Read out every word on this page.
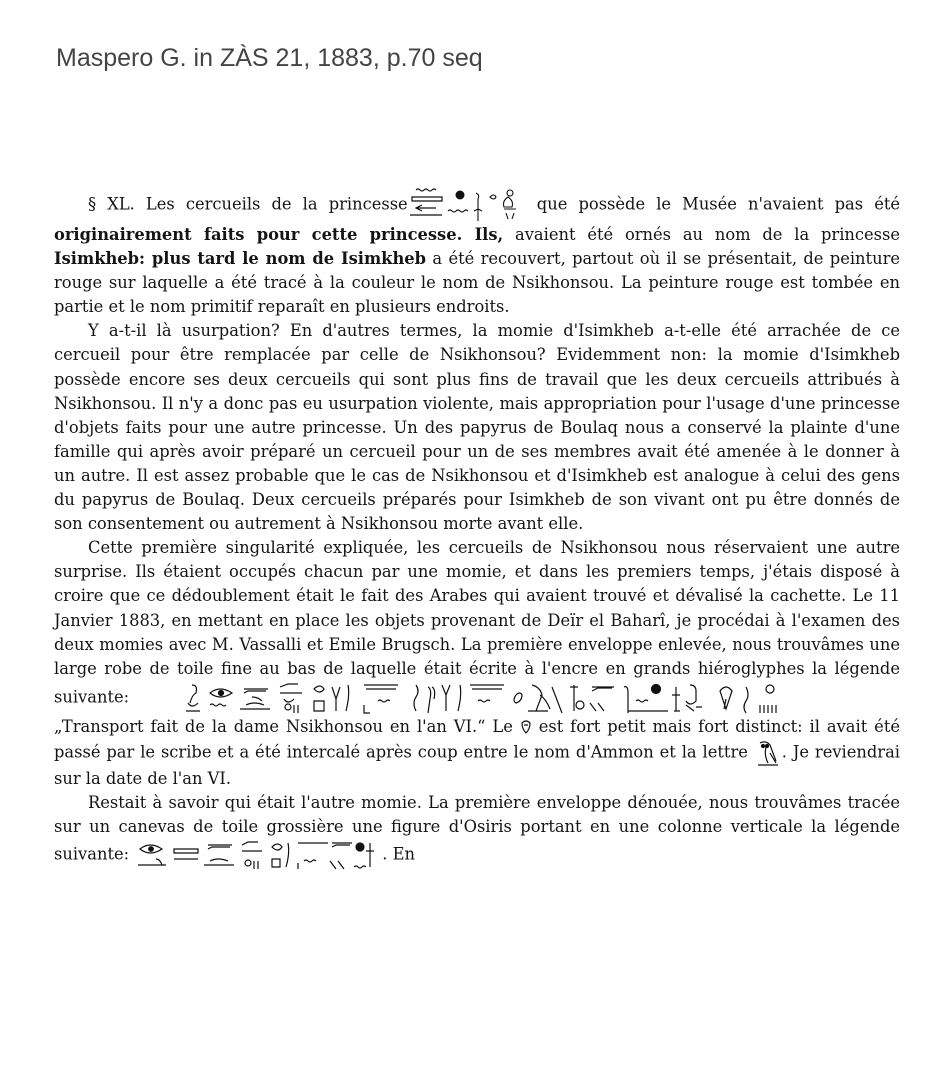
Maspero G. in ZÀS 21, 1883, p.70 seq

§ XL. Les cercueils de la princesse	que possède le Musée n'avaient pas été originairement faits pour cette princesse. Ils, avaient été ornés au nom de la princesse Isimkheb: plus tard le nom de Isimkheb a été recouvert, partout où il se présentait, de peinture rouge sur laquelle a été tracé à la couleur le nom de Nsikhonsou. La peinture rouge est tombée en partie et le nom primitif reparaît en plusieurs endroits.

Y a-t-il là usurpation? En d'autres termes, la momie d'Isimkheb a-t-elle été arrachée de ce cercueil pour être remplacée par celle de Nsikhonsou? Evidemment non: la momie d'Isimkheb possède encore ses deux cercueils qui sont plus fins de travail que les deux cercueils attribués à Nsikhonsou. Il n'y a donc pas eu usurpation violente, mais appropriation pour l'usage d'une princesse d'objets faits pour une autre princesse. Un des papyrus de Boulaq nous a conservé la plainte d'une famille qui après avoir préparé un cercueil pour un de ses membres avait été amenée à le donner à un autre. Il est assez probable que le cas de Nsikhonsou et d'Isimkheb est analogue à celui des gens du papyrus de Boulaq. Deux cercueils préparés pour Isimkheb de son vivant ont pu être donnés de son consentement ou autrement à Nsikhonsou morte avant elle.

Cette première singularité expliquée, les cercueils de Nsikhonsou nous réservaient une autre surprise. Ils étaient occupés chacun par une momie, et dans les premiers temps, j'étais disposé à croire que ce dédoublement était le fait des Arabes qui avaient trouvé et dévalisé la cachette. Le 11 Janvier 1883, en mettant en place les objets provenant de Deïr el Baharî, je procédai à l'examen des deux momies avec M. Vassalli et Emile Brugsch. La première enveloppe enlevée, nous trouvâmes une large robe de toile fine au bas de laquelle était écrite à l'encre en grands hiéroglyphes la légende suivante:
„Transport fait de la dame Nsikhonsou en l'an VI.“ Le
est fort petit mais fort distinct: il avait été passé par le scribe et a été intercalé après coup entre le nom d'Ammon et la lettre
. Je reviendrai sur la date de l'an VI.

Restait à savoir qui était l'autre momie. La première enveloppe dénouée, nous trouvâmes tracée sur un canevas de toile grossière une figure d'Osiris portant en une colonne verticale la légende suivante:	. En
